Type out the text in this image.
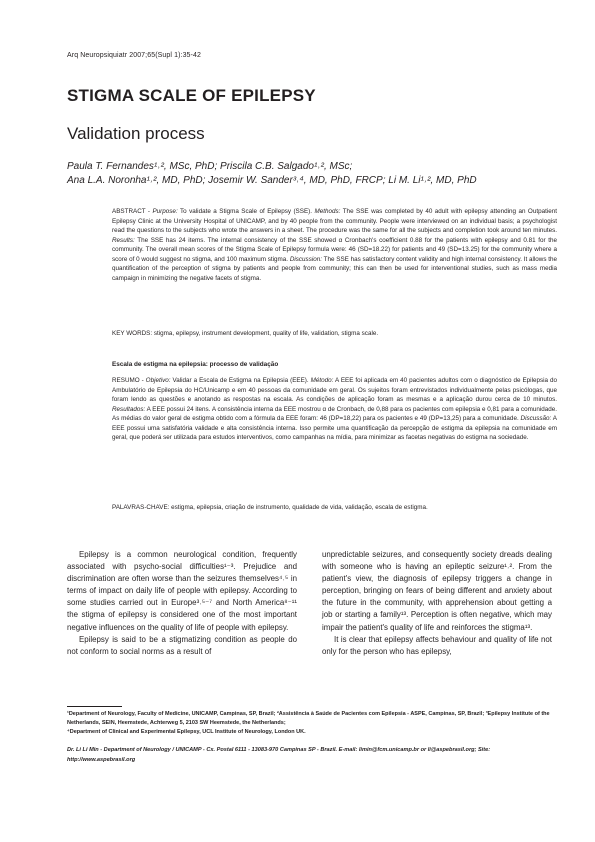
Arq Neuropsiquiatr 2007;65(Supl 1):35-42
STIGMA SCALE OF EPILEPSY
Validation process
Paula T. Fernandes¹˒², MSc, PhD; Priscila C.B. Salgado¹˒², MSc;
Ana L.A. Noronha¹˒², MD, PhD; Josemir W. Sander³˒⁴, MD, PhD, FRCP; Li M. Li¹˒², MD, PhD
ABSTRACT - Purpose: To validate a Stigma Scale of Epilepsy (SSE). Methods: The SSE was completed by 40 adult with epilepsy attending an Outpatient Epilepsy Clinic at the University Hospital of UNICAMP, and by 40 people from the community. People were interviewed on an individual basis; a psychologist read the questions to the subjects who wrote the answers in a sheet. The procedure was the same for all the subjects and completion took around ten minutes. Results: The SSE has 24 items. The internal consistency of the SSE showed α Cronbach's coefficient 0.88 for the patients with epilepsy and 0.81 for the community. The overall mean scores of the Stigma Scale of Epilepsy formula were: 46 (SD=18.22) for patients and 49 (SD=13.25) for the community where a score of 0 would suggest no stigma, and 100 maximum stigma. Discussion: The SSE has satisfactory content validity and high internal consistency. It allows the quantification of the perception of stigma by patients and people from community; this can then be used for interventional studies, such as mass media campaign in minimizing the negative facets of stigma.
KEY WORDS: stigma, epilepsy, instrument development, quality of life, validation, stigma scale.
Escala de estigma na epilepsia: processo de validação
RESUMO - Objetivo: Validar a Escala de Estigma na Epilepsia (EEE). Método: A EEE foi aplicada em 40 pacientes adultos com o diagnóstico de Epilepsia do Ambulatório de Epilepsia do HC/Unicamp e em 40 pessoas da comunidade em geral. Os sujeitos foram entrevistados individualmente pelas psicólogas, que foram lendo as questões e anotando as respostas na escala. As condições de aplicação foram as mesmas e a aplicação durou cerca de 10 minutos. Resultados: A EEE possui 24 itens. A consistência interna da EEE mostrou α de Cronbach, de 0,88 para os pacientes com epilepsia e 0,81 para a comunidade. As médias do valor geral de estigma obtido com a fórmula da EEE foram: 46 (DP=18,22) para os pacientes e 49 (DP=13,25) para a comunidade. Discussão: A EEE possui uma satisfatória validade e alta consistência interna. Isso permite uma quantificação da percepção de estigma da epilepsia na comunidade em geral, que poderá ser utilizada para estudos interventivos, como campanhas na mídia, para minimizar as facetas negativas do estigma na sociedade.
PALAVRAS-CHAVE: estigma, epilepsia, criação de instrumento, qualidade de vida, validação, escala de estigma.

Epilepsy is a common neurological condition, frequently associated with psycho-social difficulties¹⁻³. Prejudice and discrimination are often worse than the seizures themselves⁴˒⁵ in terms of impact on daily life of people with epilepsy. According to some studies carried out in Europe³˒⁵⁻⁷ and North America⁸⁻¹¹ the stigma of epilepsy is considered one of the most important negative influences on the quality of life of people with epilepsy.

Epilepsy is said to be a stigmatizing condition as people do not conform to social norms as a result of

unpredictable seizures, and consequently society dreads dealing with someone who is having an epileptic seizure¹˒². From the patient's view, the diagnosis of epilepsy triggers a change in perception, bringing on fears of being different and anxiety about the future in the community, with apprehension about getting a job or starting a family¹³. Perception is often negative, which may impair the patient's quality of life and reinforces the stigma¹³.

It is clear that epilepsy affects behaviour and quality of life not only for the person who has epilepsy,

¹Department of Neurology, Faculty of Medicine, UNICAMP, Campinas, SP, Brazil; ²Assistência à Saúde de Pacientes com Epilepsia - ASPE, Campinas, SP, Brazil; ³Epilepsy Institute of the Netherlands, SEIN, Heemstede, Achterweg 5, 2103 SW Heemstede, the Netherlands;
⁴Department of Clinical and Experimental Epilepsy, UCL Institute of Neurology, London UK.
Dr. Li Li Min - Department of Neurology / UNICAMP - Cx. Postal 6111 - 13083-970 Campinas SP - Brazil. E-mail: limin@fcm.unicamp.br or li@aspebrasil.org; Site: http://www.aspebrasil.org
